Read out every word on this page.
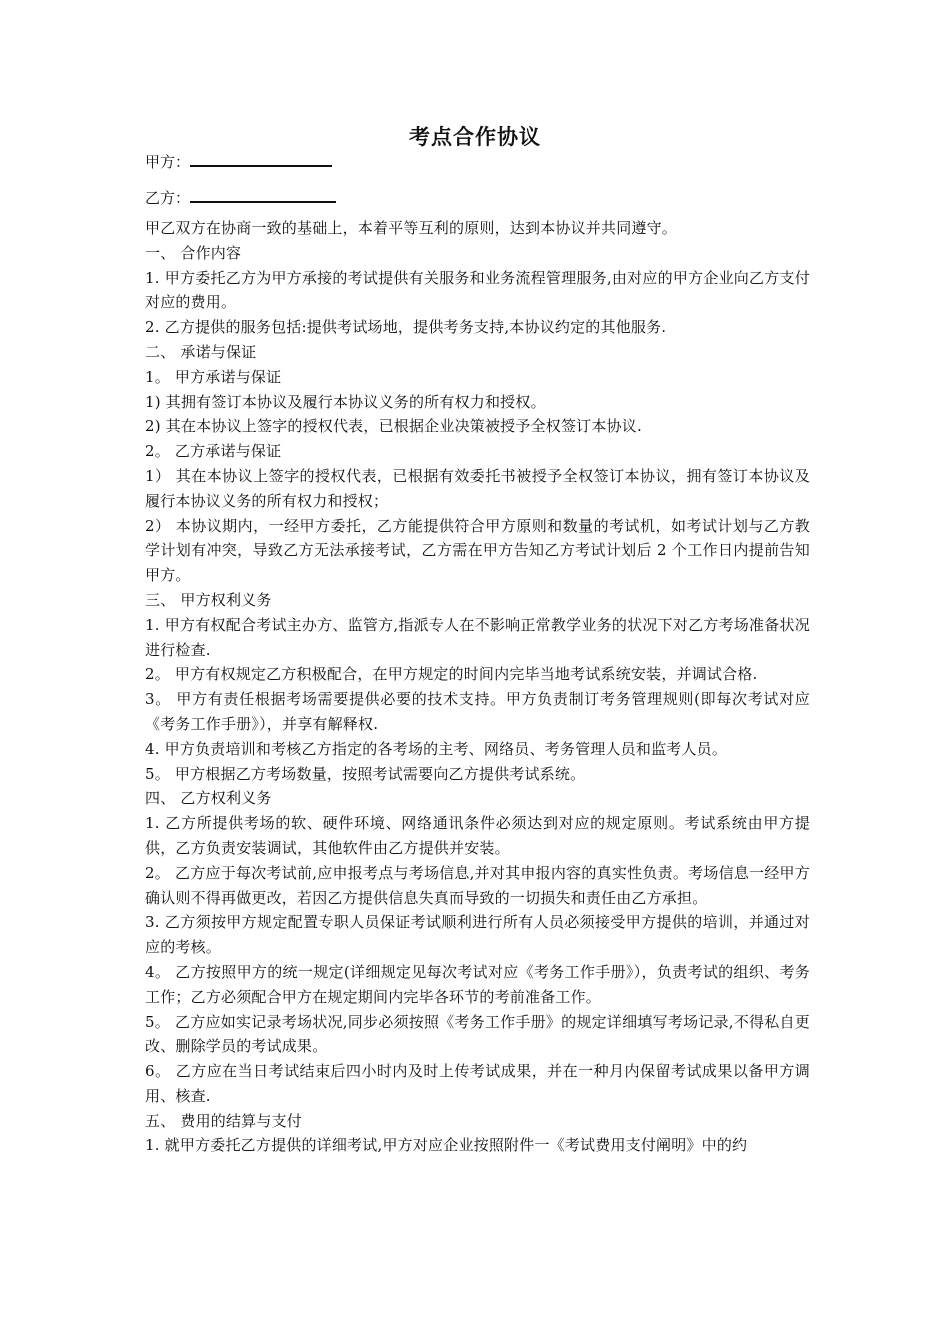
考点合作协议
甲方：
乙方：

甲乙双方在协商一致的基础上，本着平等互利的原则，达到本协议并共同遵守。

一、 合作内容

1. 甲方委托乙方为甲方承接的考试提供有关服务和业务流程管理服务,由对应的甲方企业向乙方支付对应的费用。

2. 乙方提供的服务包括:提供考试场地，提供考务支持,本协议约定的其他服务.

二、 承诺与保证

1。 甲方承诺与保证

1) 其拥有签订本协议及履行本协议义务的所有权力和授权。

2) 其在本协议上签字的授权代表，已根据企业决策被授予全权签订本协议.

2。 乙方承诺与保证

1） 其在本协议上签字的授权代表，已根据有效委托书被授予全权签订本协议，拥有签订本协议及履行本协议义务的所有权力和授权；

2） 本协议期内，一经甲方委托，乙方能提供符合甲方原则和数量的考试机，如考试计划与乙方教学计划有冲突，导致乙方无法承接考试，乙方需在甲方告知乙方考试计划后 2 个工作日内提前告知甲方。

三、 甲方权利义务

1. 甲方有权配合考试主办方、监管方,指派专人在不影响正常教学业务的状况下对乙方考场准备状况进行检查.

2。 甲方有权规定乙方积极配合，在甲方规定的时间内完毕当地考试系统安装，并调试合格.

3。 甲方有责任根据考场需要提供必要的技术支持。甲方负责制订考务管理规则(即每次考试对应《考务工作手册》），并享有解释权.

4. 甲方负责培训和考核乙方指定的各考场的主考、网络员、考务管理人员和监考人员。

5。 甲方根据乙方考场数量，按照考试需要向乙方提供考试系统。

四、 乙方权利义务

1. 乙方所提供考场的软、硬件环境、网络通讯条件必须达到对应的规定原则。考试系统由甲方提供，乙方负责安装调试，其他软件由乙方提供并安装。

2。 乙方应于每次考试前,应申报考点与考场信息,并对其申报内容的真实性负责。考场信息一经甲方确认则不得再做更改，若因乙方提供信息失真而导致的一切损失和责任由乙方承担。

3. 乙方须按甲方规定配置专职人员保证考试顺利进行所有人员必须接受甲方提供的培训，并通过对应的考核。

4。 乙方按照甲方的统一规定(详细规定见每次考试对应《考务工作手册》），负责考试的组织、考务工作；乙方必须配合甲方在规定期间内完毕各环节的考前准备工作。

5。 乙方应如实记录考场状况,同步必须按照《考务工作手册》的规定详细填写考场记录,不得私自更改、删除学员的考试成果。

6。 乙方应在当日考试结束后四小时内及时上传考试成果，并在一种月内保留考试成果以备甲方调用、核查.

五、 费用的结算与支付

1. 就甲方委托乙方提供的详细考试,甲方对应企业按照附件一《考试费用支付阐明》中的约
